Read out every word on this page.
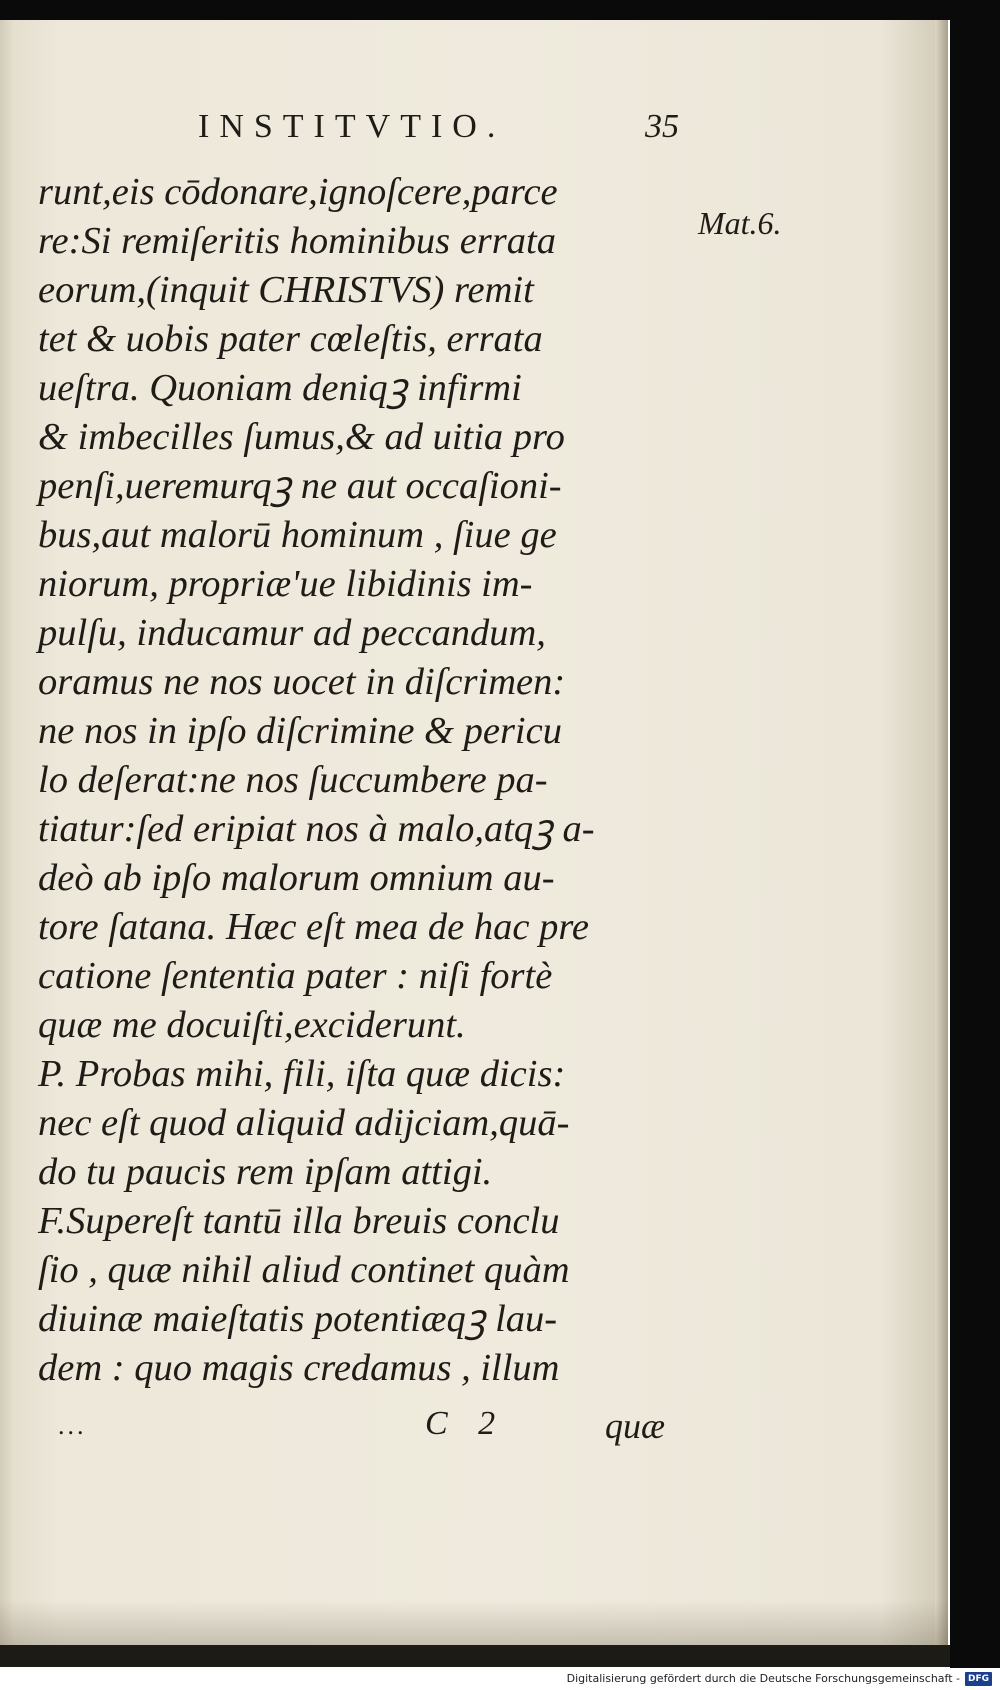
INSTITVTIO.	35
Mat.6.
runt,eis cōdonare,ignoſcere,parce
re:Si remiſeritis hominibus errata
eorum,(inquit CHRISTVS) remit
tet & uobis pater cœleſtis, errata
ueſtra. Quoniam deniqꝫ infirmi
& imbecilles ſumus,& ad uitia pro
penſi,ueremurqꝫ ne aut occaſioni-
bus,aut malorū hominum , ſiue ge
niorum, propriæ'ue libidinis im-
pulſu, inducamur ad peccandum,
oramus ne nos uocet in diſcrimen:
ne nos in ipſo diſcrimine & pericu
lo deſerat:ne nos ſuccumbere pa-
tiatur:ſed eripiat nos à malo,atqꝫ a-
deò ab ipſo malorum omnium au-
tore ſatana. Hæc eſt mea de hac pre
catione ſententia pater : niſi fortè
quæ me docuiſti,exciderunt.
P. Probas mihi, fili, iſta quæ dicis:
nec eſt quod aliquid adijciam,quā-
do tu paucis rem ipſam attigi.
F.Supereſt tantū illa breuis conclu
ſio , quæ nihil aliud continet quàm
diuinæ maieſtatis potentiæqꝫ lau-
dem : quo magis credamus , illum
...	C 2	quæ
Digitalisierung gefördert durch die Deutsche Forschungsgemeinschaft - DFG
